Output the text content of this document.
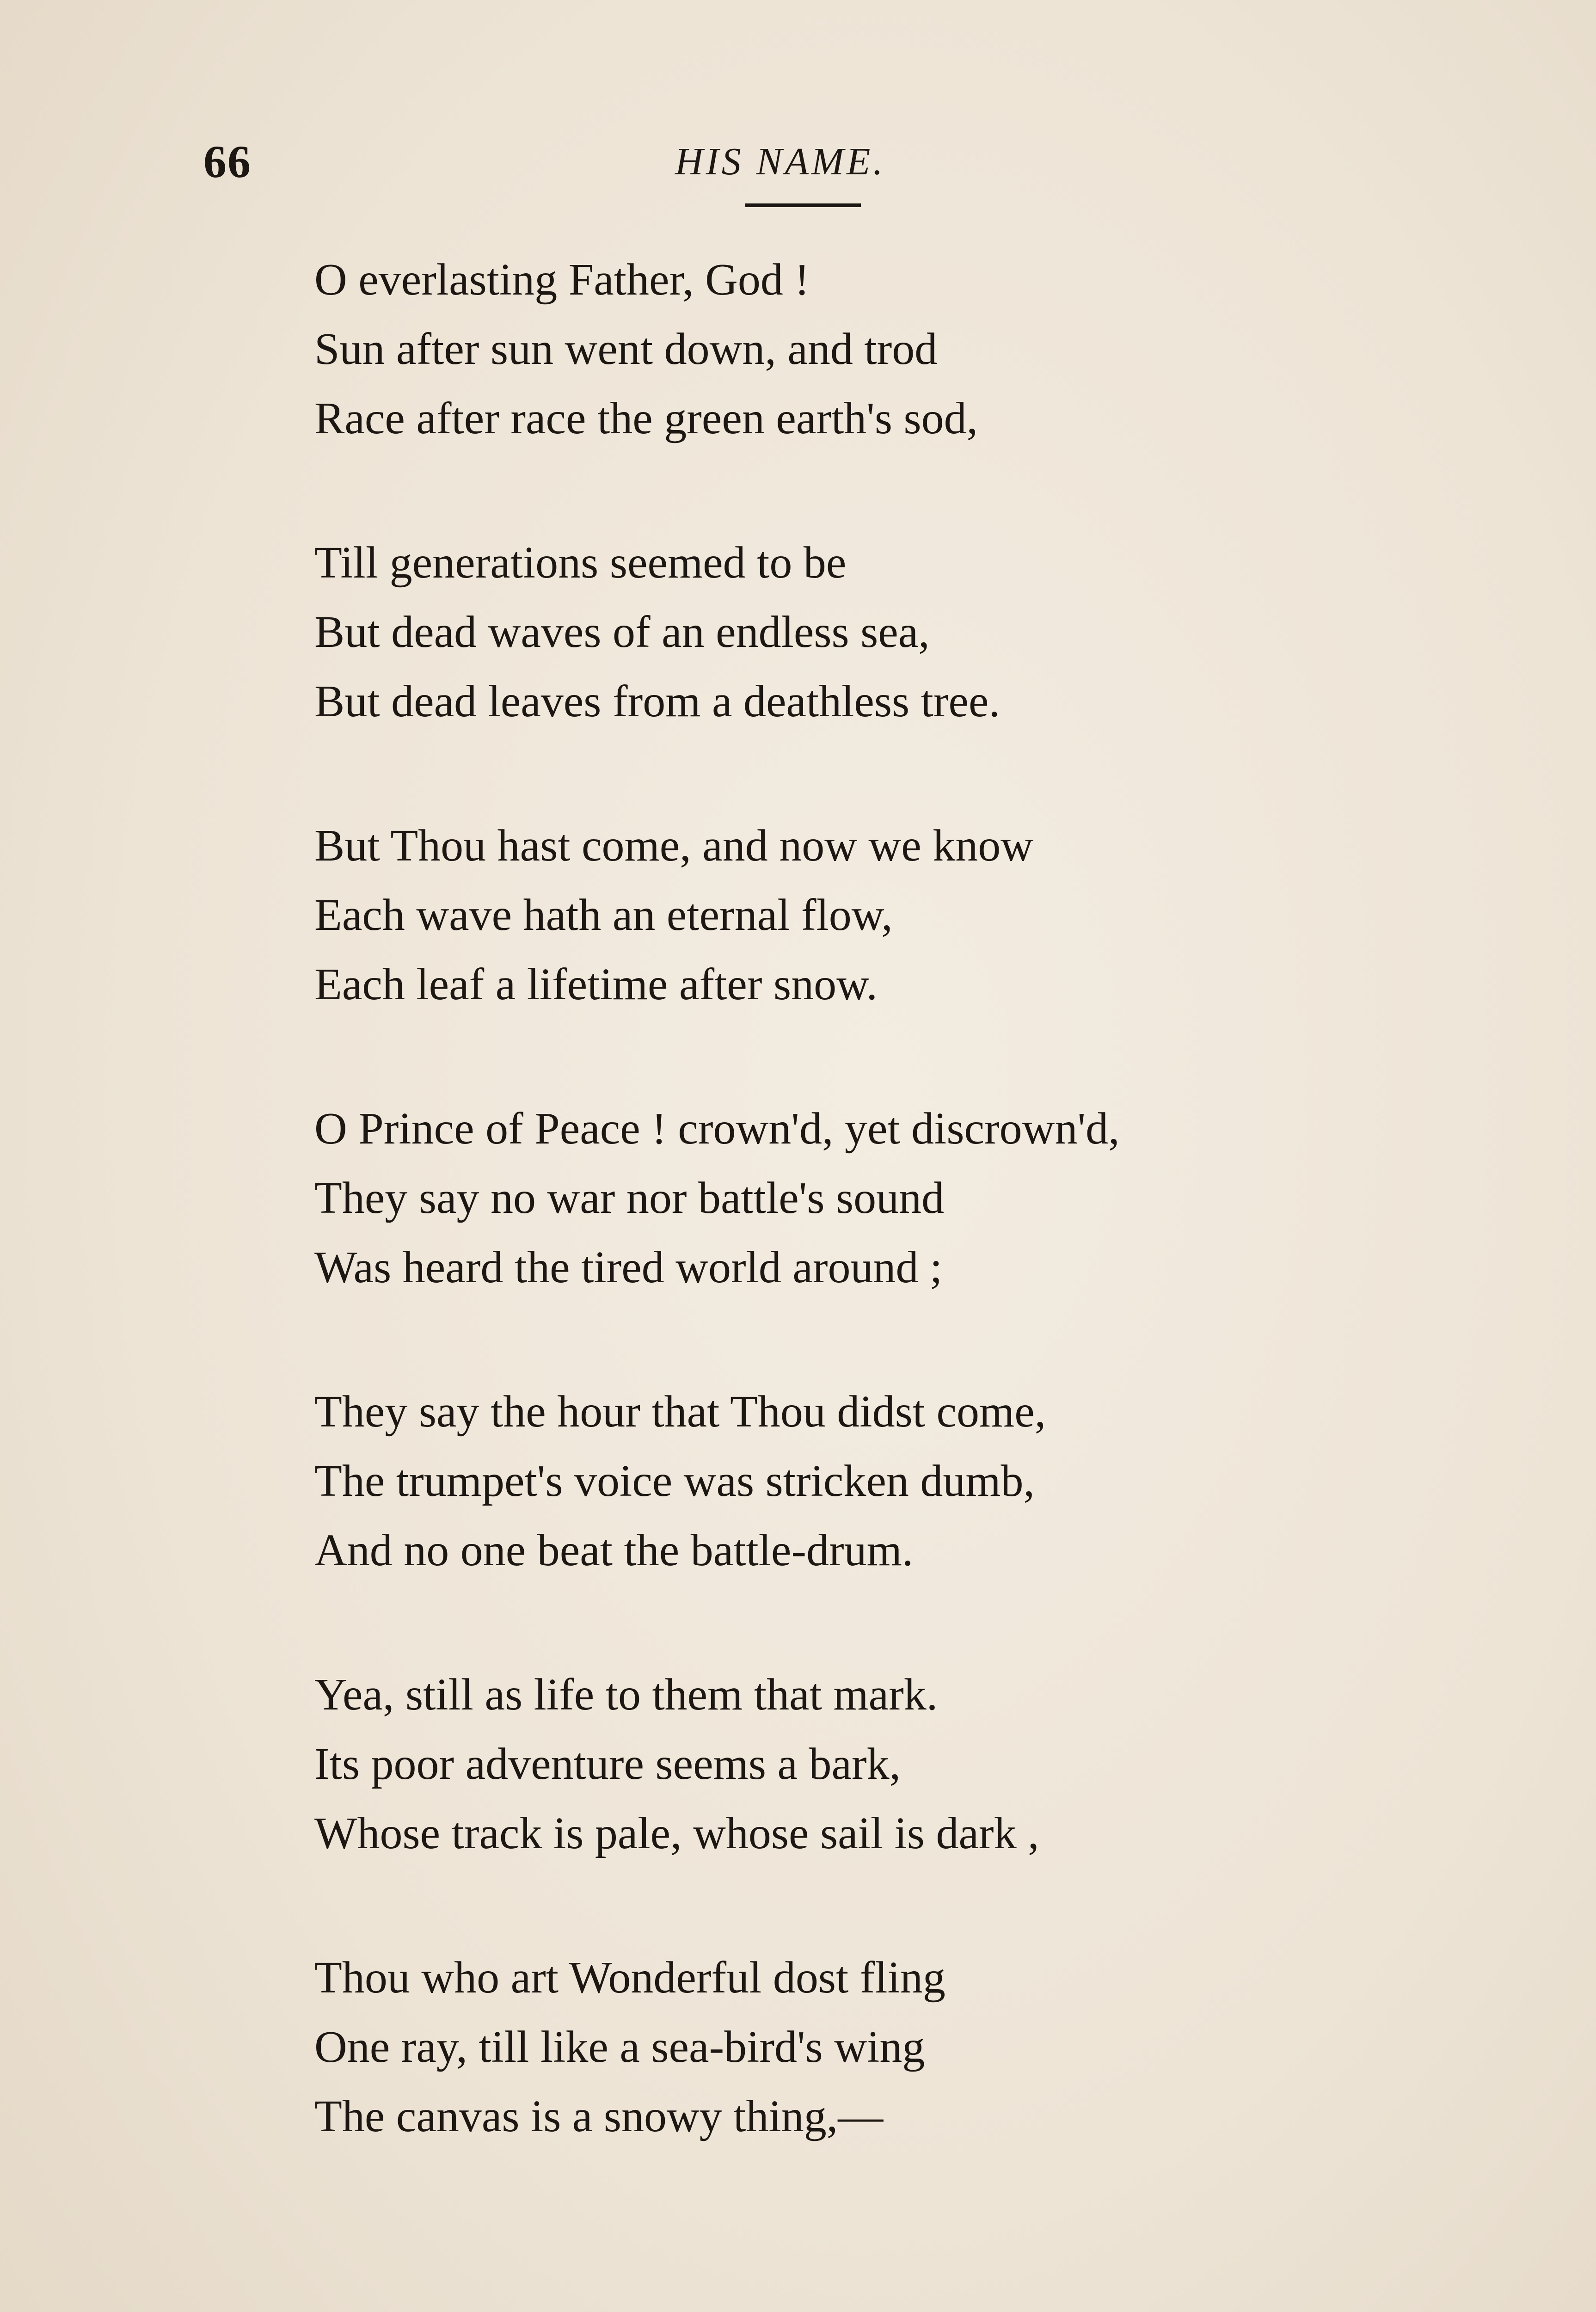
66	HIS NAME.
O everlasting Father, God !
Sun after sun went down, and trod
Race after race the green earth's sod,
Till generations seemed to be
But dead waves of an endless sea,
But dead leaves from a deathless tree.
But Thou hast come, and now we know
Each wave hath an eternal flow,
Each leaf a lifetime after snow.
O Prince of Peace ! crown'd, yet discrown'd,
They say no war nor battle's sound
Was heard the tired world around ;
They say the hour that Thou didst come,
The trumpet's voice was stricken dumb,
And no one beat the battle-drum.
Yea, still as life to them that mark.
Its poor adventure seems a bark,
Whose track is pale, whose sail is dark ,
Thou who art Wonderful dost fling
One ray, till like a sea-bird's wing
The canvas is a snowy thing,—
